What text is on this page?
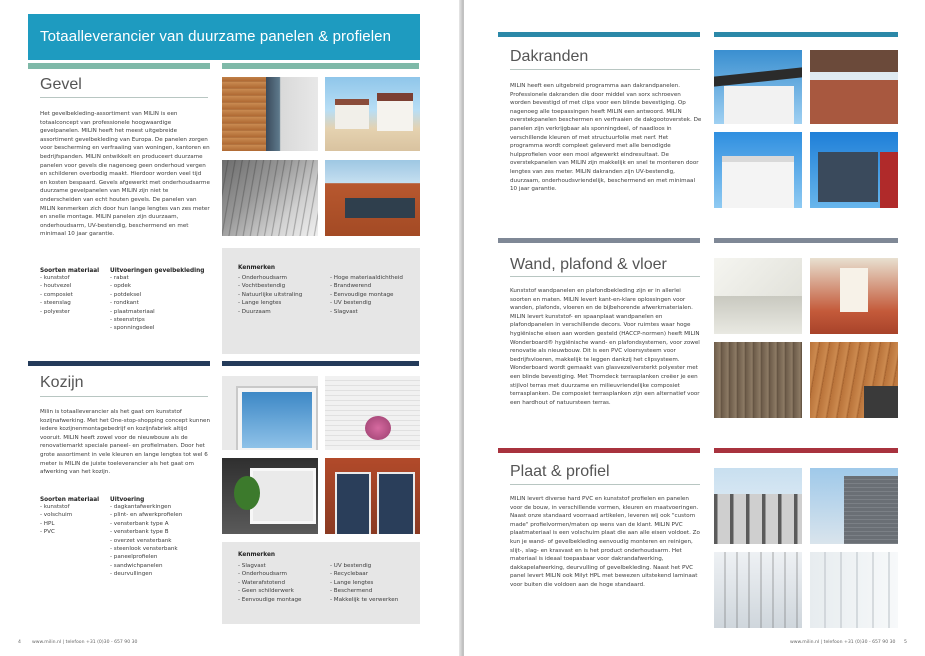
Totaalleverancier van duurzame panelen & profielen
Gevel
Het gevelbekleding-assortiment van MILIN is een totaalconcept van professionele hoogwaardige gevelpanelen. MILIN heeft het meest uitgebreide assortiment gevelbekleding van Europa. De panelen zorgen voor bescherming en verfraaiing van woningen, kantoren en bedrijfspanden. MILIN ontwikkelt en produceert duurzame panelen voor gevels die nagenoeg geen onderhoud vergen en schilderen overbodig maakt. Hierdoor worden veel tijd en kosten bespaard. Gevels afgewerkt met onderhoudsarme duurzame gevelpanelen van MILIN zijn niet te onderscheiden van echt houten gevels. De panelen van MILIN kenmerken zich door hun lange lengtes van zes meter en snelle montage. MILIN panelen zijn duurzaam, onderhoudsarm, UV-bestendig, beschermend en met minimaal 10 jaar garantie.
Soorten materiaal
- kunststof
- houtvezel
- composiet
- steenslag
- polyester
Uitvoeringen gevelbekleding
- rabat
- opdek
- potdeksel
- rondkant
- plaatmateriaal
- steenstrips
- sponningsdeel
Kenmerken
- Onderhoudsarm
- Vochtbestendig
- Natuurlijke uitstraling
- Lange lengtes
- Duurzaam
- Hoge materiaaldichtheid
- Brandwerend
- Eenvoudige montage
- UV bestendig
- Slagvast
Kozijn
Milin is totaalleverancier als het gaat om kunststof kozijnafwerking. Met het One-stop-shopping concept kunnen iedere kozijnenmontagebedrijf en kozijnfabriek altijd vooruit. MILIN heeft zowel voor de nieuwbouw als de renovatiemarkt speciale paneel- en profielmaten. Door het grote assortiment in vele kleuren en lange lengtes tot wel 6 meter is MILIN de juiste toeleverancier als het gaat om afwerking van het kozijn.
Soorten materiaal
- kunststof
- volschuim
- HPL
- PVC
Uitvoering
- dagkantafwerkingen
- plint- en afwerkprofielen
- vensterbank type A
- vensterbank type B
- overzet vensterbank
- steenlook vensterbank
- paneelprofielen
- sandwichpanelen
- deurvullingen
Kenmerken
- Slagvast
- Onderhoudsarm
- Waterafstotend
- Geen schilderwerk
- Eenvoudige montage
- UV bestendig
- Recyclebaar
- Lange lengtes
- Beschermend
- Makkelijk te verwerken
4 www.milin.nl | telefoon +31 (0)30 - 657 90 30
Dakranden
MILIN heeft een uitgebreid programma aan dakrandpanelen. Professionele dakranden die door middel van sorx schroeven worden bevestigd of met clips voor een blinde bevestiging. Op nagenoeg alle toepassingen heeft MILIN een antwoord. MILIN overstekpanelen beschermen en verfraaien de dakgootoverstek. De panelen zijn verkrijgbaar als sponningdeel, of naadloos in verschillende kleuren of met structuurfolie met nerf. Het programma wordt compleet geleverd met alle benodigde hulpprofielen voor een mooi afgewerkt eindresultaat. De overstekpanelen van MILIN zijn makkelijk en snel te monteren door lengtes van zes meter. MILIN dakranden zijn UV-bestendig, duurzaam, onderhoudsvriendelijk, beschermend en met minimaal 10 jaar garantie.
Wand, plafond & vloer
Kunststof wandpanelen en plafondbekleding zijn er in allerlei soorten en maten. MILIN levert kant-en-klare oplossingen voor wanden, plafonds, vloeren en de bijbehorende afwerkmaterialen. MILIN levert kunststof- en spaanplaat wandpanelen en plafondpanelen in verschillende decors. Voor ruimtes waar hoge hygiënische eisen aan worden gesteld (HACCP-normen) heeft MILIN Wonderboard® hygiënische wand- en plafondsystemen, voor zowel renovatie als nieuwbouw. Dit is een PVC vloersysteem voor bedrijfsvloeren, makkelijk te leggen dankzij het clipsysteem. Wonderboard wordt gemaakt van glasvezelversterkt polyester met een blinde bevestiging. Met Thomdeck terrasplanken creëer je een stijlvol terras met duurzame en milieuvriendelijke composiet terrasplanken. De composiet terrasplanken zijn een alternatief voor een hardhout of natuursteen terras.
Plaat & profiel
MILIN levert diverse hard PVC en kunststof profielen en panelen voor de bouw, in verschillende vormen, kleuren en maatvoeringen. Naast onze standaard voorraad artikelen, leveren wij ook "custom made" profielvormen/maten op wens van de klant. MILIN PVC plaatmateriaal is een volschuim plaat die aan alle eisen voldoet. Zo kun je wand- of gevelbekleding eenvoudig monteren en reinigen, slijt-, slag- en krasvast en is het product onderhoudsarm. Het materiaal is ideaal toepasbaar voor dakrandafwerking, dakkapelafwerking, deurvulling of gevelbekleding. Naast het PVC panel levert MILIN ook Milyt HPL met bewezen uitstekend laminaat voor buiten die voldoen aan de hoge standaard.
www.milin.nl | telefoon +31 (0)30 - 657 90 30 5
